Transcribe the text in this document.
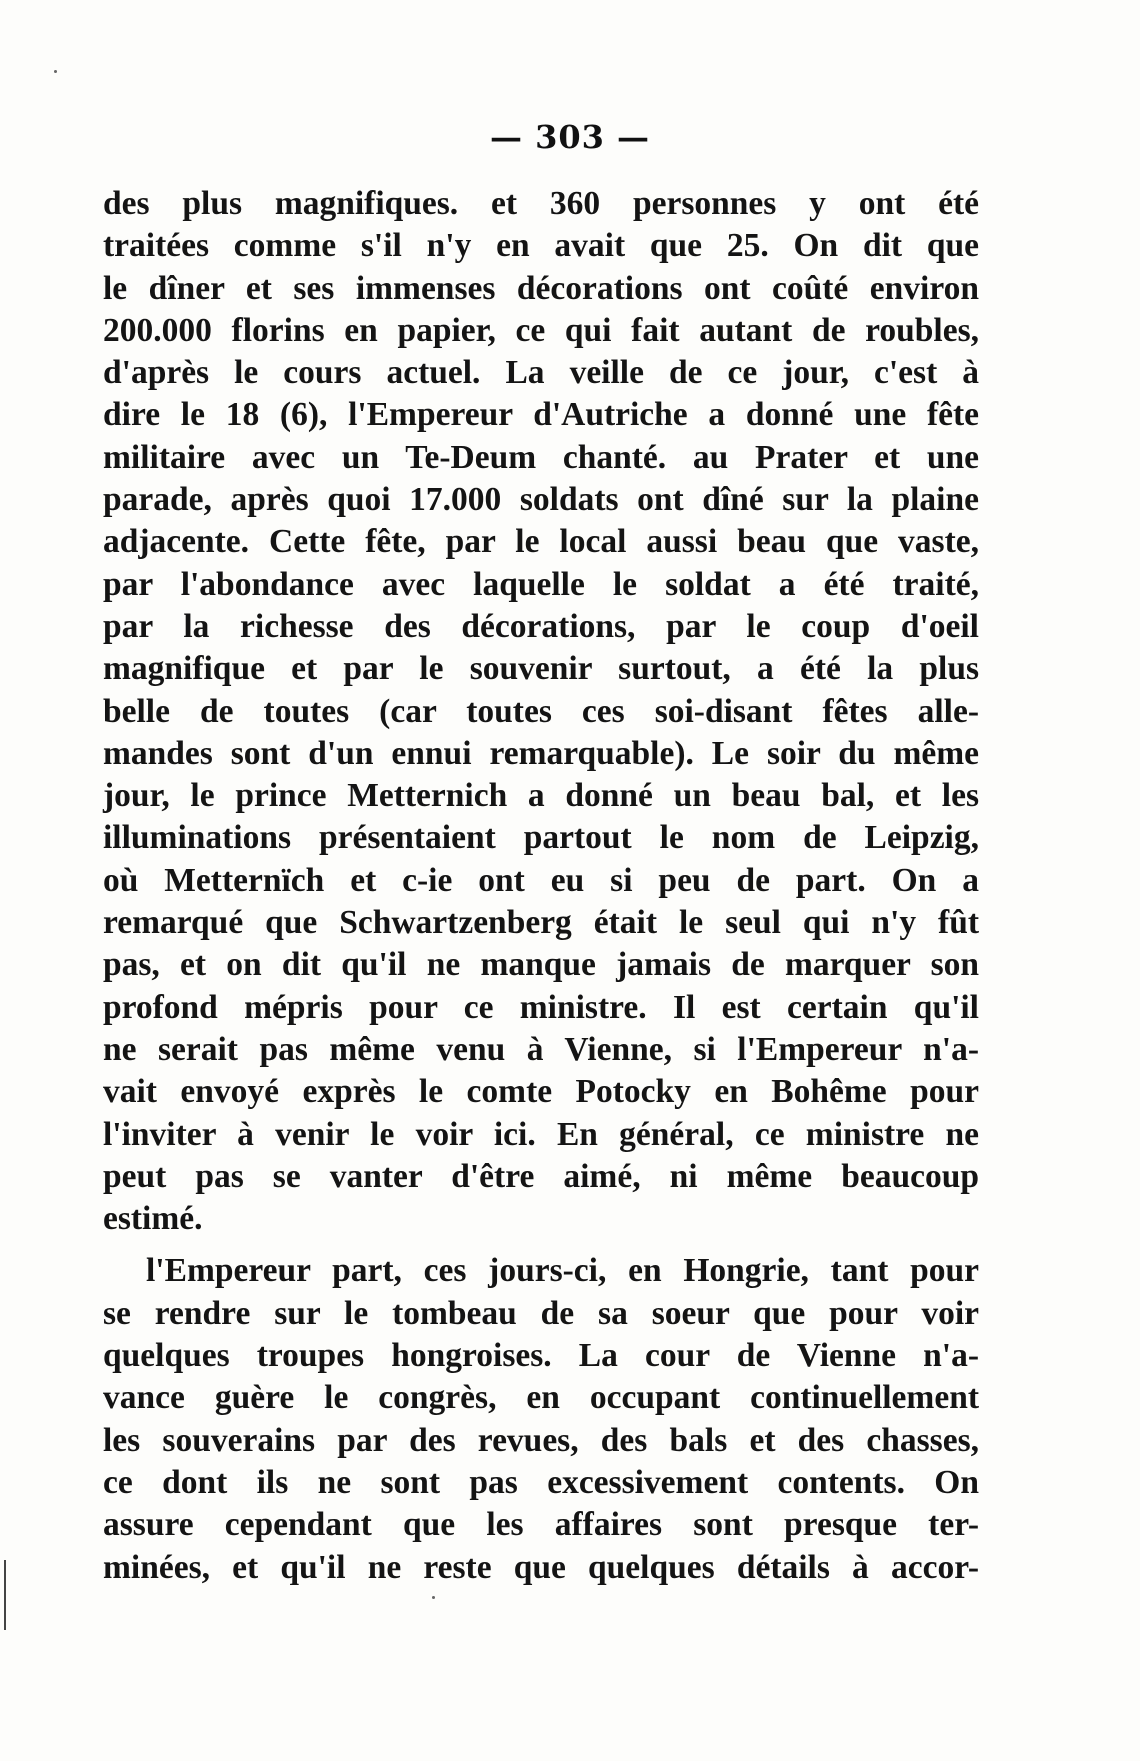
— 303 —
des plus magnifiques. et 360 personnes y ont été
traitées comme s'il n'y en avait que 25. On dit que
le dîner et ses immenses décorations ont coûté environ
200.000 florins en papier, ce qui fait autant de roubles,
d'après le cours actuel. La veille de ce jour, c'est à
dire le 18 (6), l'Empereur d'Autriche a donné une fête
militaire avec un Te-Deum chanté. au Prater et une
parade, après quoi 17.000 soldats ont dîné sur la plaine
adjacente. Cette fête, par le local aussi beau que vaste,
par l'abondance avec laquelle le soldat a été traité,
par la richesse des décorations, par le coup d'oeil
magnifique et par le souvenir surtout, a été la plus
belle de toutes (car toutes ces soi-disant fêtes alle-
mandes sont d'un ennui remarquable). Le soir du même
jour, le prince Metternich a donné un beau bal, et les
illuminations présentaient partout le nom de Leipzig,
où Metternïch et c-ie ont eu si peu de part. On a
remarqué que Schwartzenberg était le seul qui n'y fût
pas, et on dit qu'il ne manque jamais de marquer son
profond mépris pour ce ministre. Il est certain qu'il
ne serait pas même venu à Vienne, si l'Empereur n'a-
vait envoyé exprès le comte Potocky en Bohême pour
l'inviter à venir le voir ici. En général, ce ministre ne
peut pas se vanter d'être aimé, ni même beaucoup
estimé.
l'Empereur part, ces jours-ci, en Hongrie, tant pour
se rendre sur le tombeau de sa soeur que pour voir
quelques troupes hongroises. La cour de Vienne n'a-
vance guère le congrès, en occupant continuellement
les souverains par des revues, des bals et des chasses,
ce dont ils ne sont pas excessivement contents. On
assure cependant que les affaires sont presque ter-
minées, et qu'il ne reste que quelques détails à accor-
